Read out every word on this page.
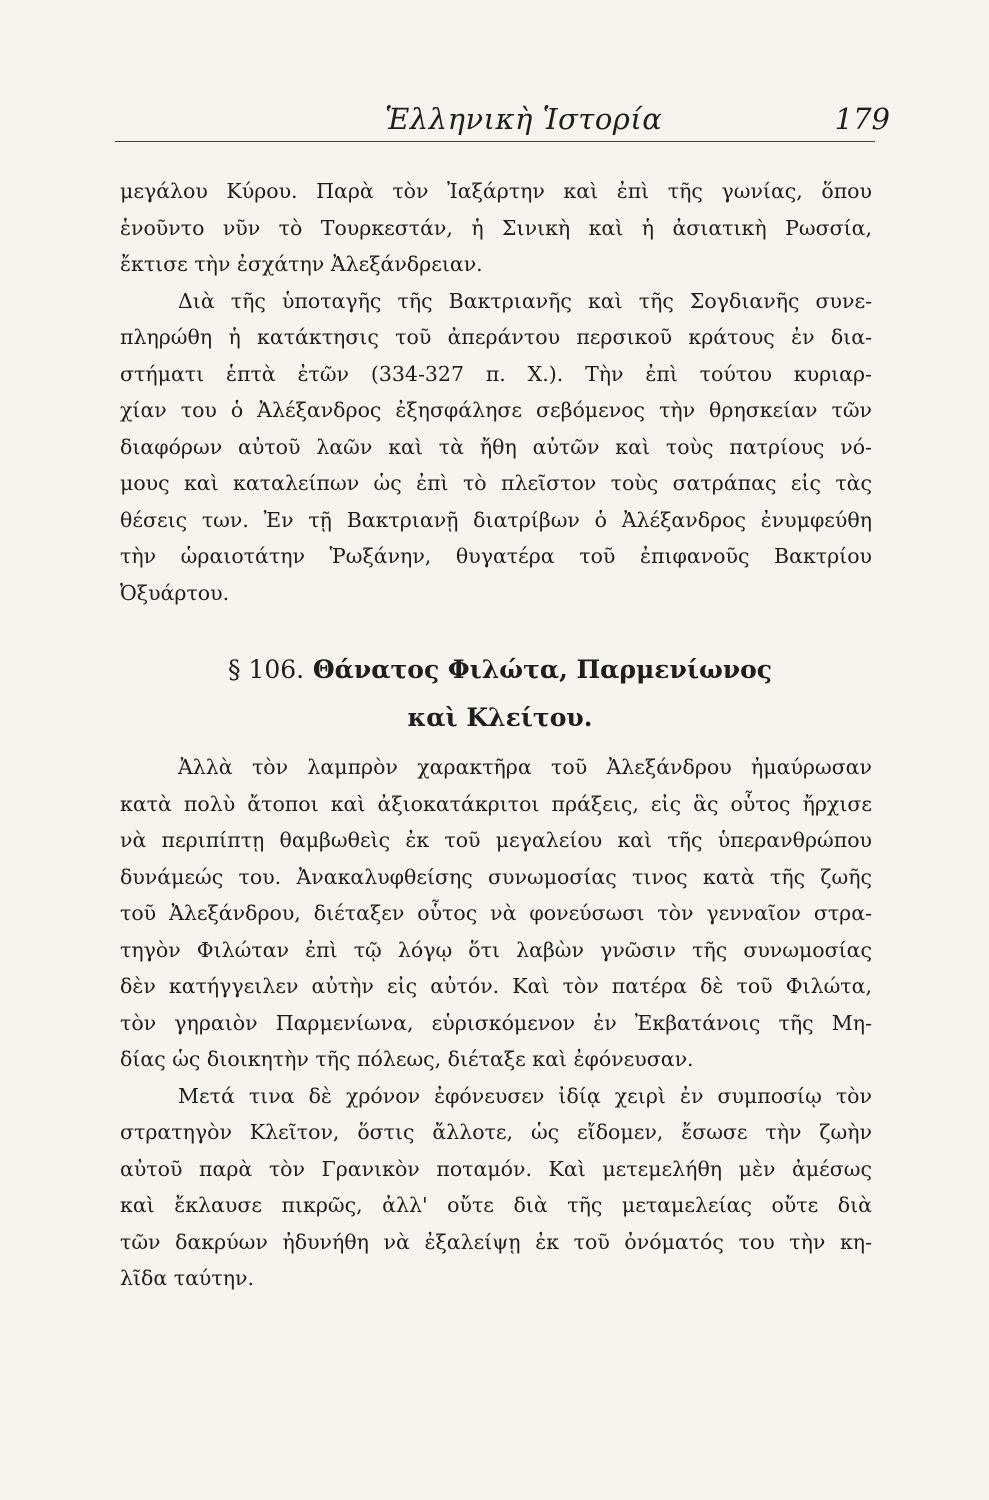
Ἑλληνικὴ Ἱστορία	179
μεγάλου Κύρου. Παρὰ τὸν Ἰαξάρτην καὶ ἐπὶ τῆς γωνίας, ὅπου
ἑνοῦντο νῦν τὸ Τουρκεστάν, ἡ Σινικὴ καὶ ἡ ἀσιατικὴ Ρωσσία,
ἔκτισε τὴν ἐσχάτην Ἀλεξάνδρειαν.
Διὰ τῆς ὑποταγῆς τῆς Βακτριανῆς καὶ τῆς Σογδιανῆς συνε-
πληρώθη ἡ κατάκτησις τοῦ ἀπεράντου περσικοῦ κράτους ἐν δια-
στήματι ἑπτὰ ἐτῶν (334-327 π. Χ.). Τὴν ἐπὶ τούτου κυριαρ-
χίαν του ὁ Ἀλέξανδρος ἐξησφάλησε σεβόμενος τὴν θρησκείαν τῶν
διαφόρων αὐτοῦ λαῶν καὶ τὰ ἤθη αὐτῶν καὶ τοὺς πατρίους νό-
μους καὶ καταλείπων ὡς ἐπὶ τὸ πλεῖστον τοὺς σατράπας εἰς τὰς
θέσεις των. Ἐν τῇ Βακτριανῇ διατρίβων ὁ Ἀλέξανδρος ἐνυμφεύθη
τὴν ὡραιοτάτην Ῥωξάνην, θυγατέρα τοῦ ἐπιφανοῦς Βακτρίου
Ὀξυάρτου.
§ 106. Θάνατος Φιλώτα, Παρμενίωνος
καὶ Κλείτου.
Ἀλλὰ τὸν λαμπρὸν χαρακτῆρα τοῦ Ἀλεξάνδρου ἠμαύρωσαν
κατὰ πολὺ ἄτοποι καὶ ἀξιοκατάκριτοι πράξεις, εἰς ἃς οὗτος ἤρχισε
νὰ περιπίπτῃ θαμβωθεὶς ἐκ τοῦ μεγαλείου καὶ τῆς ὑπερανθρώπου
δυνάμεώς του. Ἀνακαλυφθείσης συνωμοσίας τινος κατὰ τῆς ζωῆς
τοῦ Ἀλεξάνδρου, διέταξεν οὗτος νὰ φονεύσωσι τὸν γενναῖον στρα-
τηγὸν Φιλώταν ἐπὶ τῷ λόγῳ ὅτι λαβὼν γνῶσιν τῆς συνωμοσίας
δὲν κατήγγειλεν αὐτὴν εἰς αὐτόν. Καὶ τὸν πατέρα δὲ τοῦ Φιλώτα,
τὸν γηραιὸν Παρμενίωνα, εὑρισκόμενον ἐν Ἐκβατάνοις τῆς Μη-
δίας ὡς διοικητὴν τῆς πόλεως, διέταξε καὶ ἐφόνευσαν.
Μετά τινα δὲ χρόνον ἐφόνευσεν ἰδίᾳ χειρὶ ἐν συμποσίῳ τὸν
στρατηγὸν Κλεῖτον, ὅστις ἄλλοτε, ὡς εἴδομεν, ἔσωσε τὴν ζωὴν
αὐτοῦ παρὰ τὸν Γρανικὸν ποταμόν. Καὶ μετεμελήθη μὲν ἀμέσως
καὶ ἔκλαυσε πικρῶς, ἀλλ' οὔτε διὰ τῆς μεταμελείας οὔτε διὰ
τῶν δακρύων ἠδυνήθη νὰ ἐξαλείψῃ ἐκ τοῦ ὀνόματός του τὴν κη-
λῖδα ταύτην.
